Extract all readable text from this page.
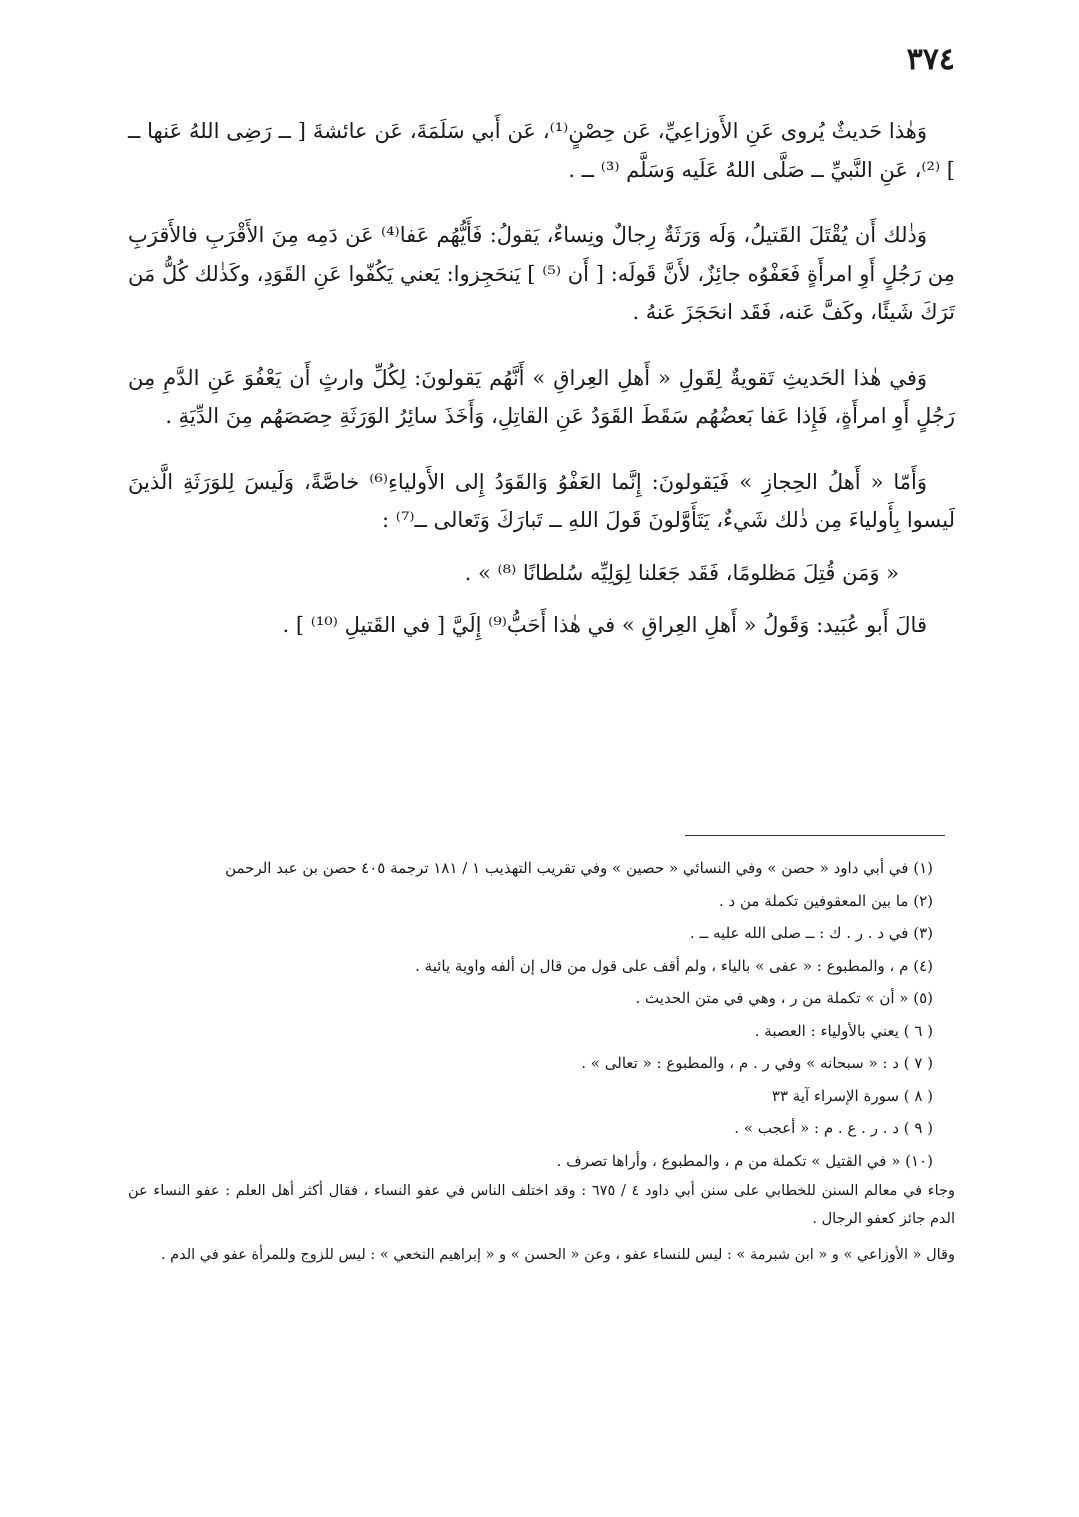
٣٧٤

وَهٰذا حَديثٌ يُروى عَنِ الأَوزاعِيِّ، عَن حِصْنٍ⁽¹⁾، عَن أَبي سَلَمَةَ، عَن عائشةَ [ ــ رَضِى اللهُ عَنها ــ ] ⁽²⁾، عَنِ النَّبيِّ ــ صَلَّى اللهُ عَلَيه وَسَلَّم ⁽³⁾ ــ .

وَذٰلك أَن يُقْتَلَ القَتيلُ، وَلَه وَرَثَةٌ رِجالٌ ونِساءٌ، يَقولُ: فَأَيُّهُم عَفا⁽⁴⁾ عَن دَمِه مِنَ الأَقْرَبِ فالأَقرَبِ مِن رَجُلٍ أَوِ امرأَةٍ فَعَفْوُه جائِزٌ، لأَنَّ قَولَه: [ أَن ⁽⁵⁾ ] يَنحَجِزوا: يَعني يَكُفّوا عَنِ القَوَدِ، وكَذٰلك كُلُّ مَن تَرَكَ شَيئًا، وكَفَّ عَنه، فَقَد انحَجَزَ عَنهُ .

وَفي هٰذا الحَديثِ تَقويةٌ لِقَولِ « أَهلِ العِراقِ » أَنَّهُم يَقولونَ: لِكُلِّ وارثٍ أَن يَعْفُوَ عَنِ الدَّمِ مِن رَجُلٍ أَوِ امرأَةٍ، فَإِذا عَفا بَعضُهُم سَقَطَ القَوَدُ عَنِ القاتِلِ، وَأَخَذَ سائِرُ الوَرَثَةِ حِصَصَهُم مِنَ الدِّيَةِ .

وَأَمّا « أَهلُ الحِجازِ » فَيَقولونَ: إِنَّما العَفْوُ وَالقَوَدُ إِلى الأَولياءِ⁽⁶⁾ خاصَّةً، وَلَيسَ لِلوَرَثَةِ الَّذينَ لَيسوا بِأَولياءَ مِن ذٰلك شَيءٌ، يَتَأَوَّلونَ قَولَ اللهِ ــ تَبارَكَ وَتَعالى ــ⁽⁷⁾ :

« وَمَن قُتِلَ مَظلومًا، فَقَد جَعَلنا لِوَلِيِّه سُلطانًا ⁽⁸⁾ » .

قالَ أَبو عُبَيد: وَقَولُ « أَهلِ العِراقِ » في هٰذا أَحَبُّ⁽⁹⁾ إِلَيَّ [ في القَتيلِ ⁽¹⁰⁾ ] .

(١) في أبي داود « حصن » وفي النسائي « حصين » وفي تقريب التهذيب ١ / ١٨١ ترجمة ٤٠٥ حصن بن عبد الرحمن

(٢) ما بين المعقوفين تكملة من د .

(٣) في د . ر . ك : ــ صلى الله عليه ــ .

(٤) م ، والمطبوع : « عفى » بالياء ، ولم أقف على قول من قال إن ألفه واوية يائية .

(٥) « أن » تكملة من ر ، وهي في متن الحديث .

( ٦ ) يعني بالأولياء : العصبة .

( ٧ ) د : « سبحانه » وفي ر . م ، والمطبوع : « تعالى » .

( ٨ ) سورة الإسراء آية ٣٣

( ٩ ) د . ر . ع . م : « أعجب » .

(١٠) « في القتيل » تكملة من م ، والمطبوع ، وأراها تصرف .

وجاء في معالم السنن للخطابي على سنن أبي داود ٤ / ٦٧٥ : وقد اختلف الناس في عفو النساء ، فقال أكثر أهل العلم : عفو النساء عن الدم جائز كعفو الرجال .

وقال « الأوزاعي » و « ابن شبرمة » : ليس للنساء عفو ، وعن « الحسن » و « إبراهيم النخعي » : ليس للزوج وللمرأة عفو في الدم .
